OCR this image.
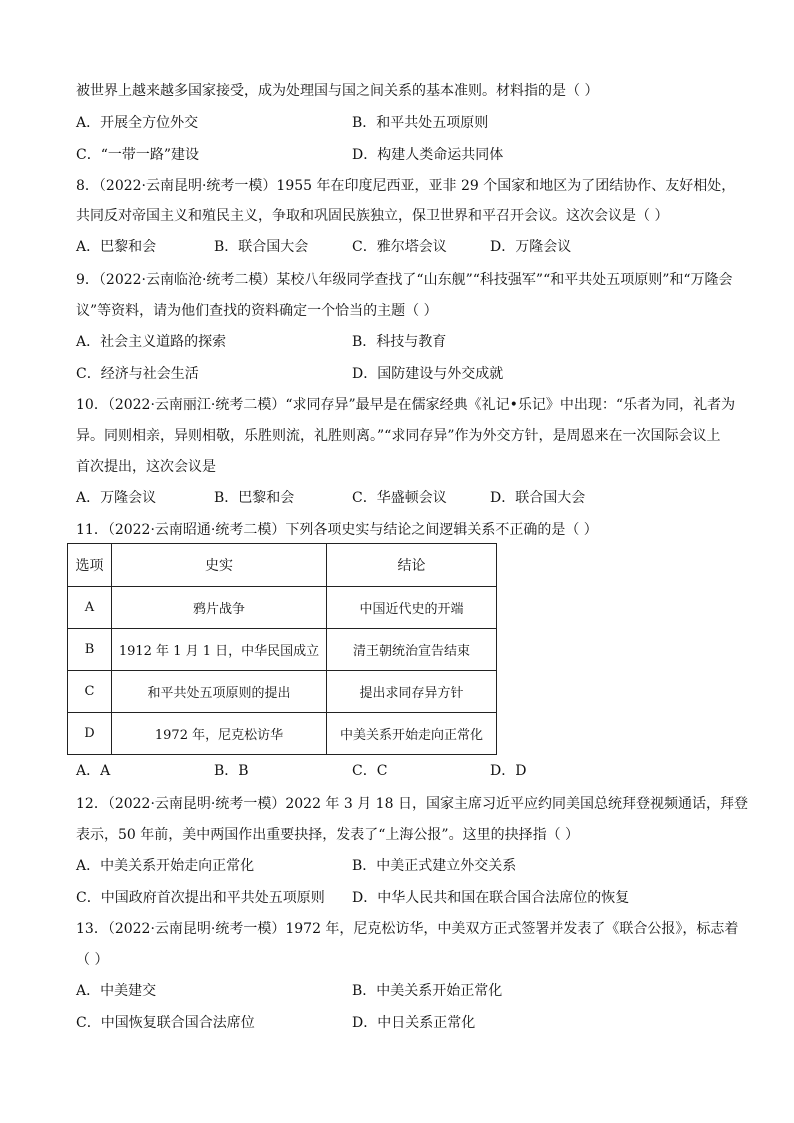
被世界上越来越多国家接受，成为处理国与国之间关系的基本准则。材料指的是（ ）
A．开展全方位外交	B．和平共处五项原则
C．“一带一路”建设	D．构建人类命运共同体
8．（2022·云南昆明·统考一模）1955 年在印度尼西亚，亚非 29 个国家和地区为了团结协作、友好相处，
共同反对帝国主义和殖民主义，争取和巩固民族独立，保卫世界和平召开会议。这次会议是（ ）
A．巴黎和会	B．联合国大会	C．雅尔塔会议	D．万隆会议
9．（2022·云南临沧·统考二模）某校八年级同学查找了“山东舰”“科技强军”“和平共处五项原则”和“万隆会
议”等资料，请为他们查找的资料确定一个恰当的主题（ ）
A．社会主义道路的探索	B．科技与教育
C．经济与社会生活	D．国防建设与外交成就
10．（2022·云南丽江·统考二模）“求同存异”最早是在儒家经典《礼记•乐记》中出现：“乐者为同，礼者为
异。同则相亲，异则相敬，乐胜则流，礼胜则离。”“求同存异”作为外交方针，是周恩来在一次国际会议上
首次提出，这次会议是
A．万隆会议	B．巴黎和会	C．华盛顿会议	D．联合国大会
11．（2022·云南昭通·统考二模）下列各项史实与结论之间逻辑关系不正确的是（ ）
选项	史实	结论
A	鸦片战争	中国近代史的开端
B	1912 年 1 月 1 日，中华民国成立	清王朝统治宣告结束
C	和平共处五项原则的提出	提出求同存异方针
D	1972 年，尼克松访华	中美关系开始走向正常化
A．A	B．B	C．C	D．D
12．（2022·云南昆明·统考一模）2022 年 3 月 18 日，国家主席习近平应约同美国总统拜登视频通话，拜登
表示，50 年前，美中两国作出重要抉择，发表了“上海公报”。这里的抉择指（ ）
A．中美关系开始走向正常化	B．中美正式建立外交关系
C．中国政府首次提出和平共处五项原则 D．中华人民共和国在联合国合法席位的恢复
13．（2022·云南昆明·统考一模）1972 年，尼克松访华，中美双方正式签署并发表了《联合公报》，标志着
（ ）
A．中美建交	B．中美关系开始正常化
C．中国恢复联合国合法席位	D．中日关系正常化
